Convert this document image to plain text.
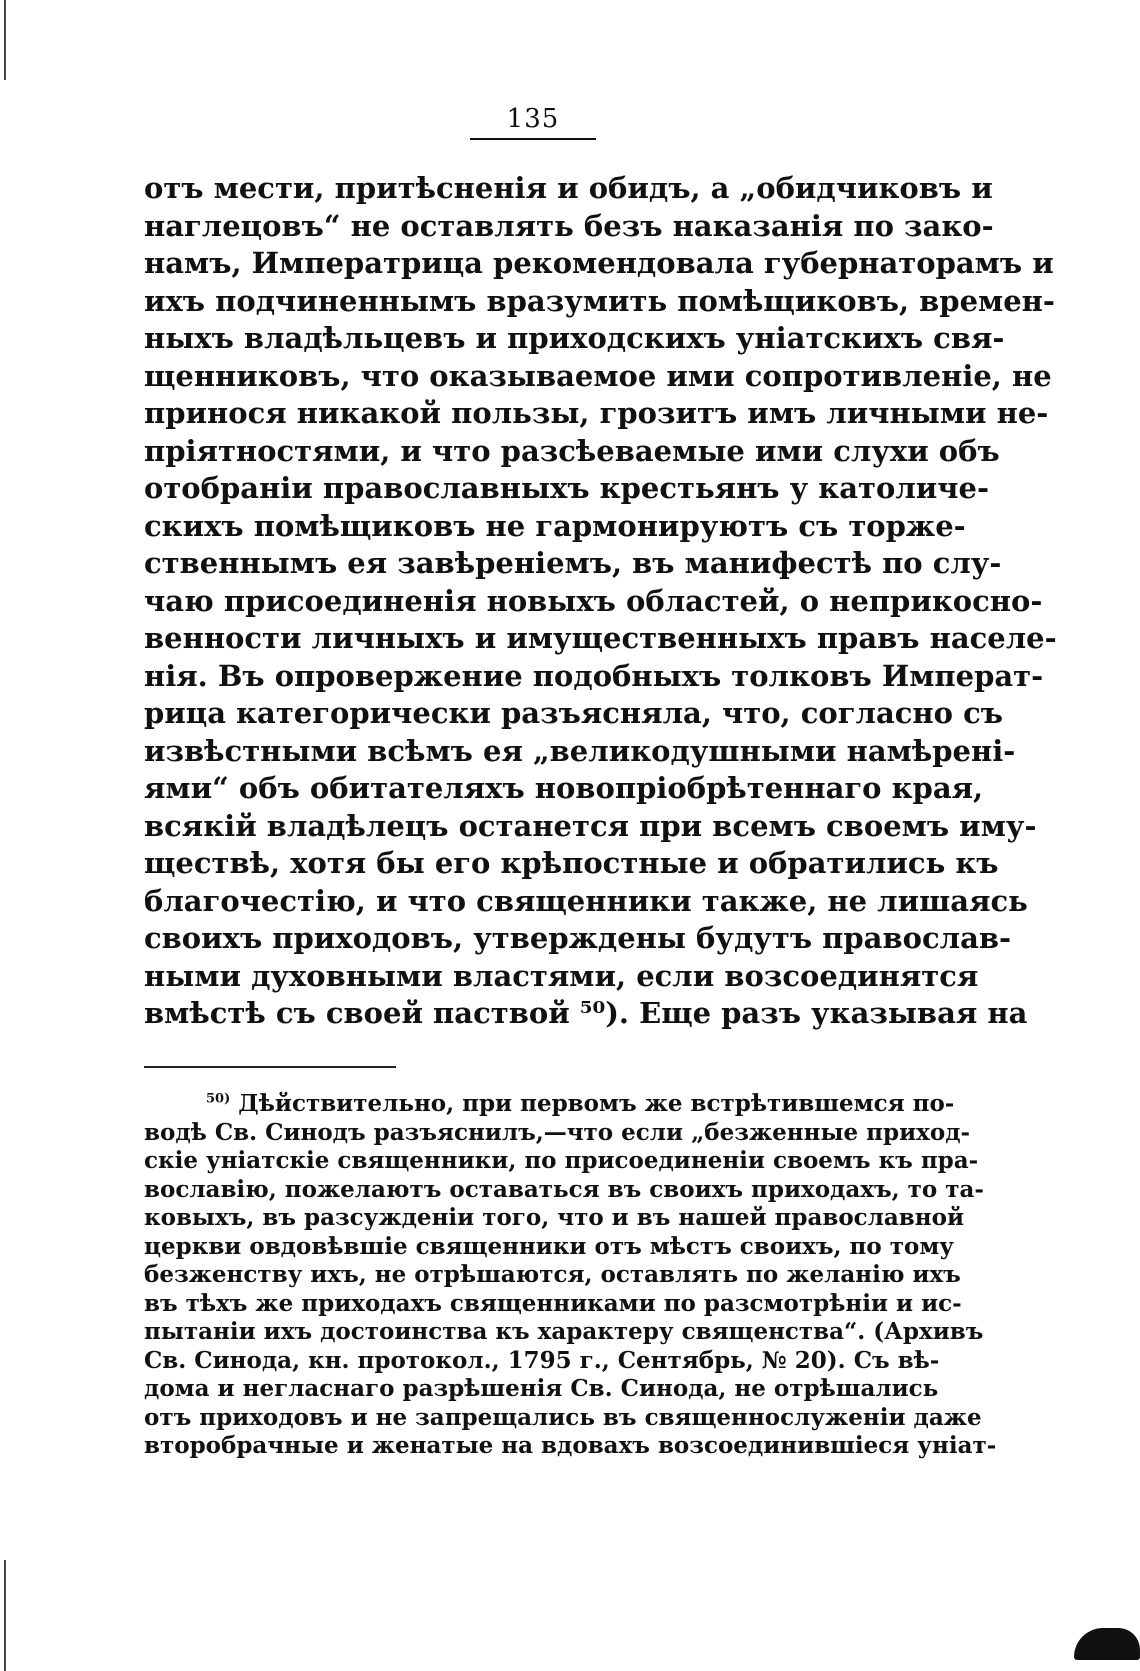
135
отъ мести, притѣсненія и обидъ, а „обидчиковъ и
наглецовъ“ не оставлять безъ наказанія по зако-
намъ, Императрица рекомендовала губернаторамъ и
ихъ подчиненнымъ вразумить помѣщиковъ, времен-
ныхъ владѣльцевъ и приходскихъ уніатскихъ свя-
щенниковъ, что оказываемое ими сопротивленіе, не
принося никакой пользы, грозитъ имъ личными не-
пріятностями, и что разсѣеваемые ими слухи объ
отобраніи православныхъ крестьянъ у католиче-
скихъ помѣщиковъ не гармонируютъ съ торже-
ственнымъ ея завѣреніемъ, въ манифестѣ по слу-
чаю присоединенія новыхъ областей, о неприкосно-
венности личныхъ и имущественныхъ правъ населе-
нія. Въ опровержение подобныхъ толковъ Императ-
рица категорически разъясняла, что, согласно съ
извѣстными всѣмъ ея „великодушными намѣрені-
ями“ объ обитателяхъ новопріобрѣтеннаго края,
всякій владѣлецъ останется при всемъ своемъ иму-
ществѣ, хотя бы его крѣпостные и обратились къ
благочестію, и что священники также, не лишаясь
своихъ приходовъ, утверждены будутъ православ-
ными духовными властями, если возсоединятся
вмѣстѣ съ своей паствой ⁵⁰). Еще разъ указывая на
$^{50)}$ Дѣйствительно, при первомъ же встрѣтившемся по-
водѣ Св. Синодъ разъяснилъ,—что если „безженные приход-
скіе уніатскіе священники, по присоединеніи своемъ къ пра-
вославію, пожелаютъ оставаться въ своихъ приходахъ, то та-
ковыхъ, въ разсужденіи того, что и въ нашей православной
церкви овдовѣвшіе священники отъ мѣстъ своихъ, по тому
безженству ихъ, не отрѣшаются, оставлять по желанію ихъ
въ тѣхъ же приходахъ священниками по разсмотрѣніи и ис-
пытаніи ихъ достоинства къ характеру священства“. (Архивъ
Св. Синода, кн. протокол., 1795 г., Сентябрь, № 20). Съ вѣ-
дома и негласнаго разрѣшенія Св. Синода, не отрѣшались
отъ приходовъ и не запрещались въ священнослуженіи даже
второбрачные и женатые на вдовахъ возсоединившіеся уніат-
